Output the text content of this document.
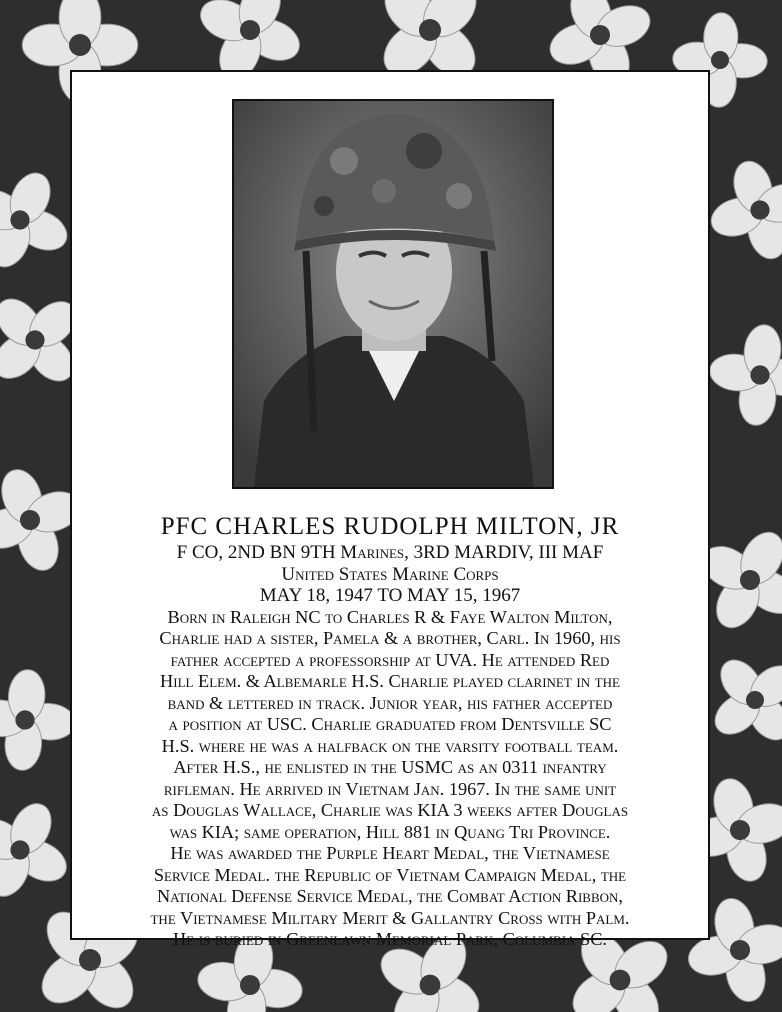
PFC CHARLES RUDOLPH MILTON, JR

F CO, 2ND BN 9TH Marines, 3RD MARDIV, III MAF

United States Marine Corps

MAY 18, 1947 TO MAY 15, 1967

Born in Raleigh NC to Charles R & Faye Walton Milton,

Charlie had a sister, Pamela & a brother, Carl. In 1960, his

father accepted a professorship at UVA. He attended Red

Hill Elem. & Albemarle H.S. Charlie played clarinet in the

band & lettered in track. Junior year, his father accepted

a position at USC. Charlie graduated from Dentsville SC

H.S. where he was a halfback on the varsity football team.

After H.S., he enlisted in the USMC as an 0311 infantry

rifleman. He arrived in Vietnam Jan. 1967. In the same unit

as Douglas Wallace, Charlie was KIA 3 weeks after Douglas

was KIA; same operation, Hill 881 in Quang Tri Province.

He was awarded the Purple Heart Medal, the Vietnamese

Service Medal. the Republic of Vietnam Campaign Medal, the

National Defense Service Medal, the Combat Action Ribbon,

the Vietnamese Military Merit & Gallantry Cross with Palm.

He is buried in Greenlawn Memorial Park, Columbia SC.
